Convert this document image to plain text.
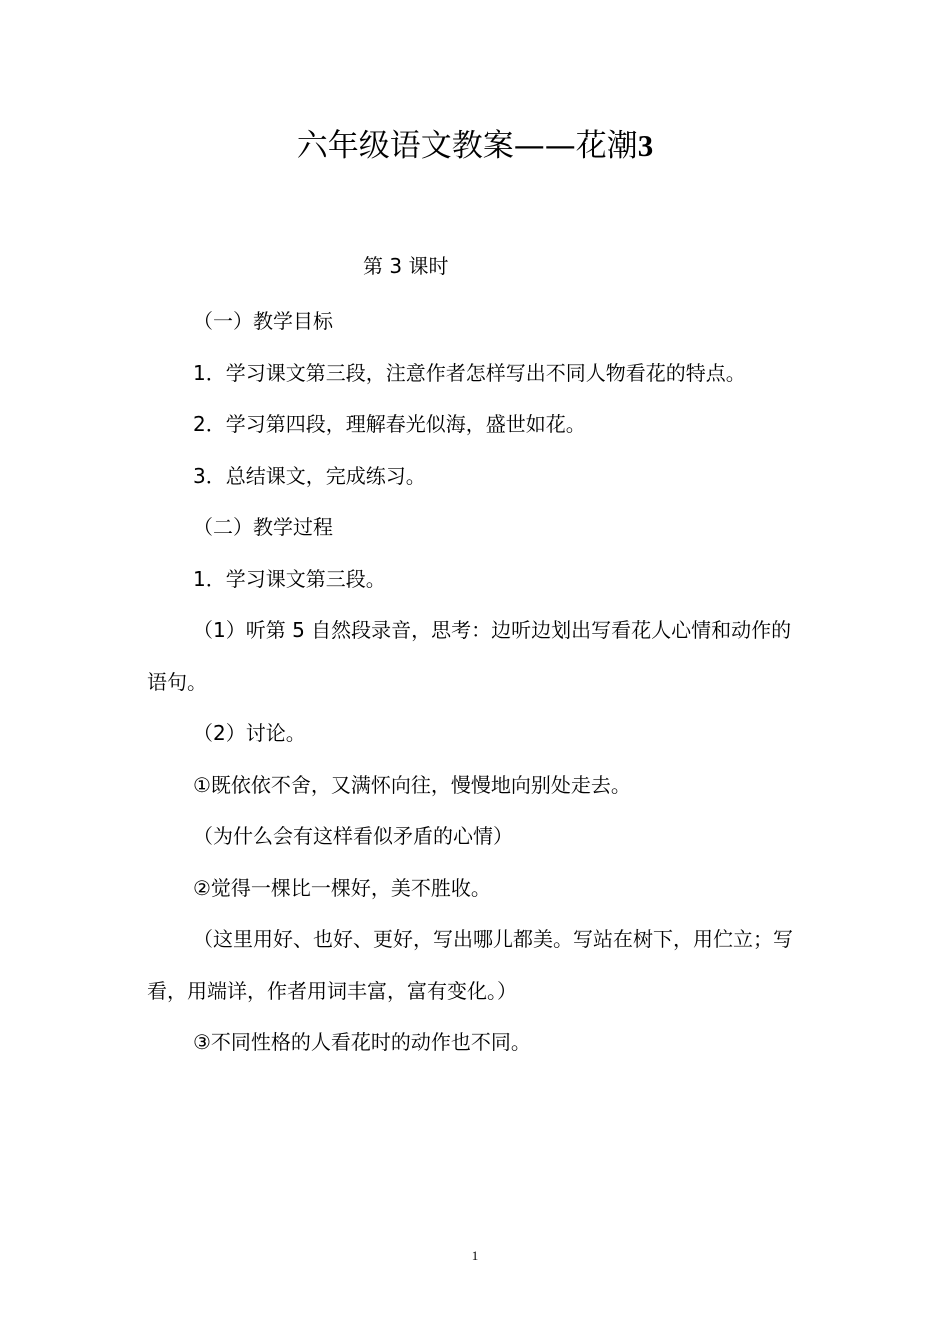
六年级语文教案——花潮3
第 3 课时

（一）教学目标

1．学习课文第三段，注意作者怎样写出不同人物看花的特点。

2．学习第四段，理解春光似海，盛世如花。

3．总结课文，完成练习。

（二）教学过程

1．学习课文第三段。

（1）听第 5 自然段录音，思考：边听边划出写看花人心情和动作的语句。

（2）讨论。

①既依依不舍，又满怀向往，慢慢地向别处走去。

（为什么会有这样看似矛盾的心情）

②觉得一棵比一棵好，美不胜收。

（这里用好、也好、更好，写出哪儿都美。写站在树下，用伫立；写看，用端详，作者用词丰富，富有变化。）

③不同性格的人看花时的动作也不同。

1
